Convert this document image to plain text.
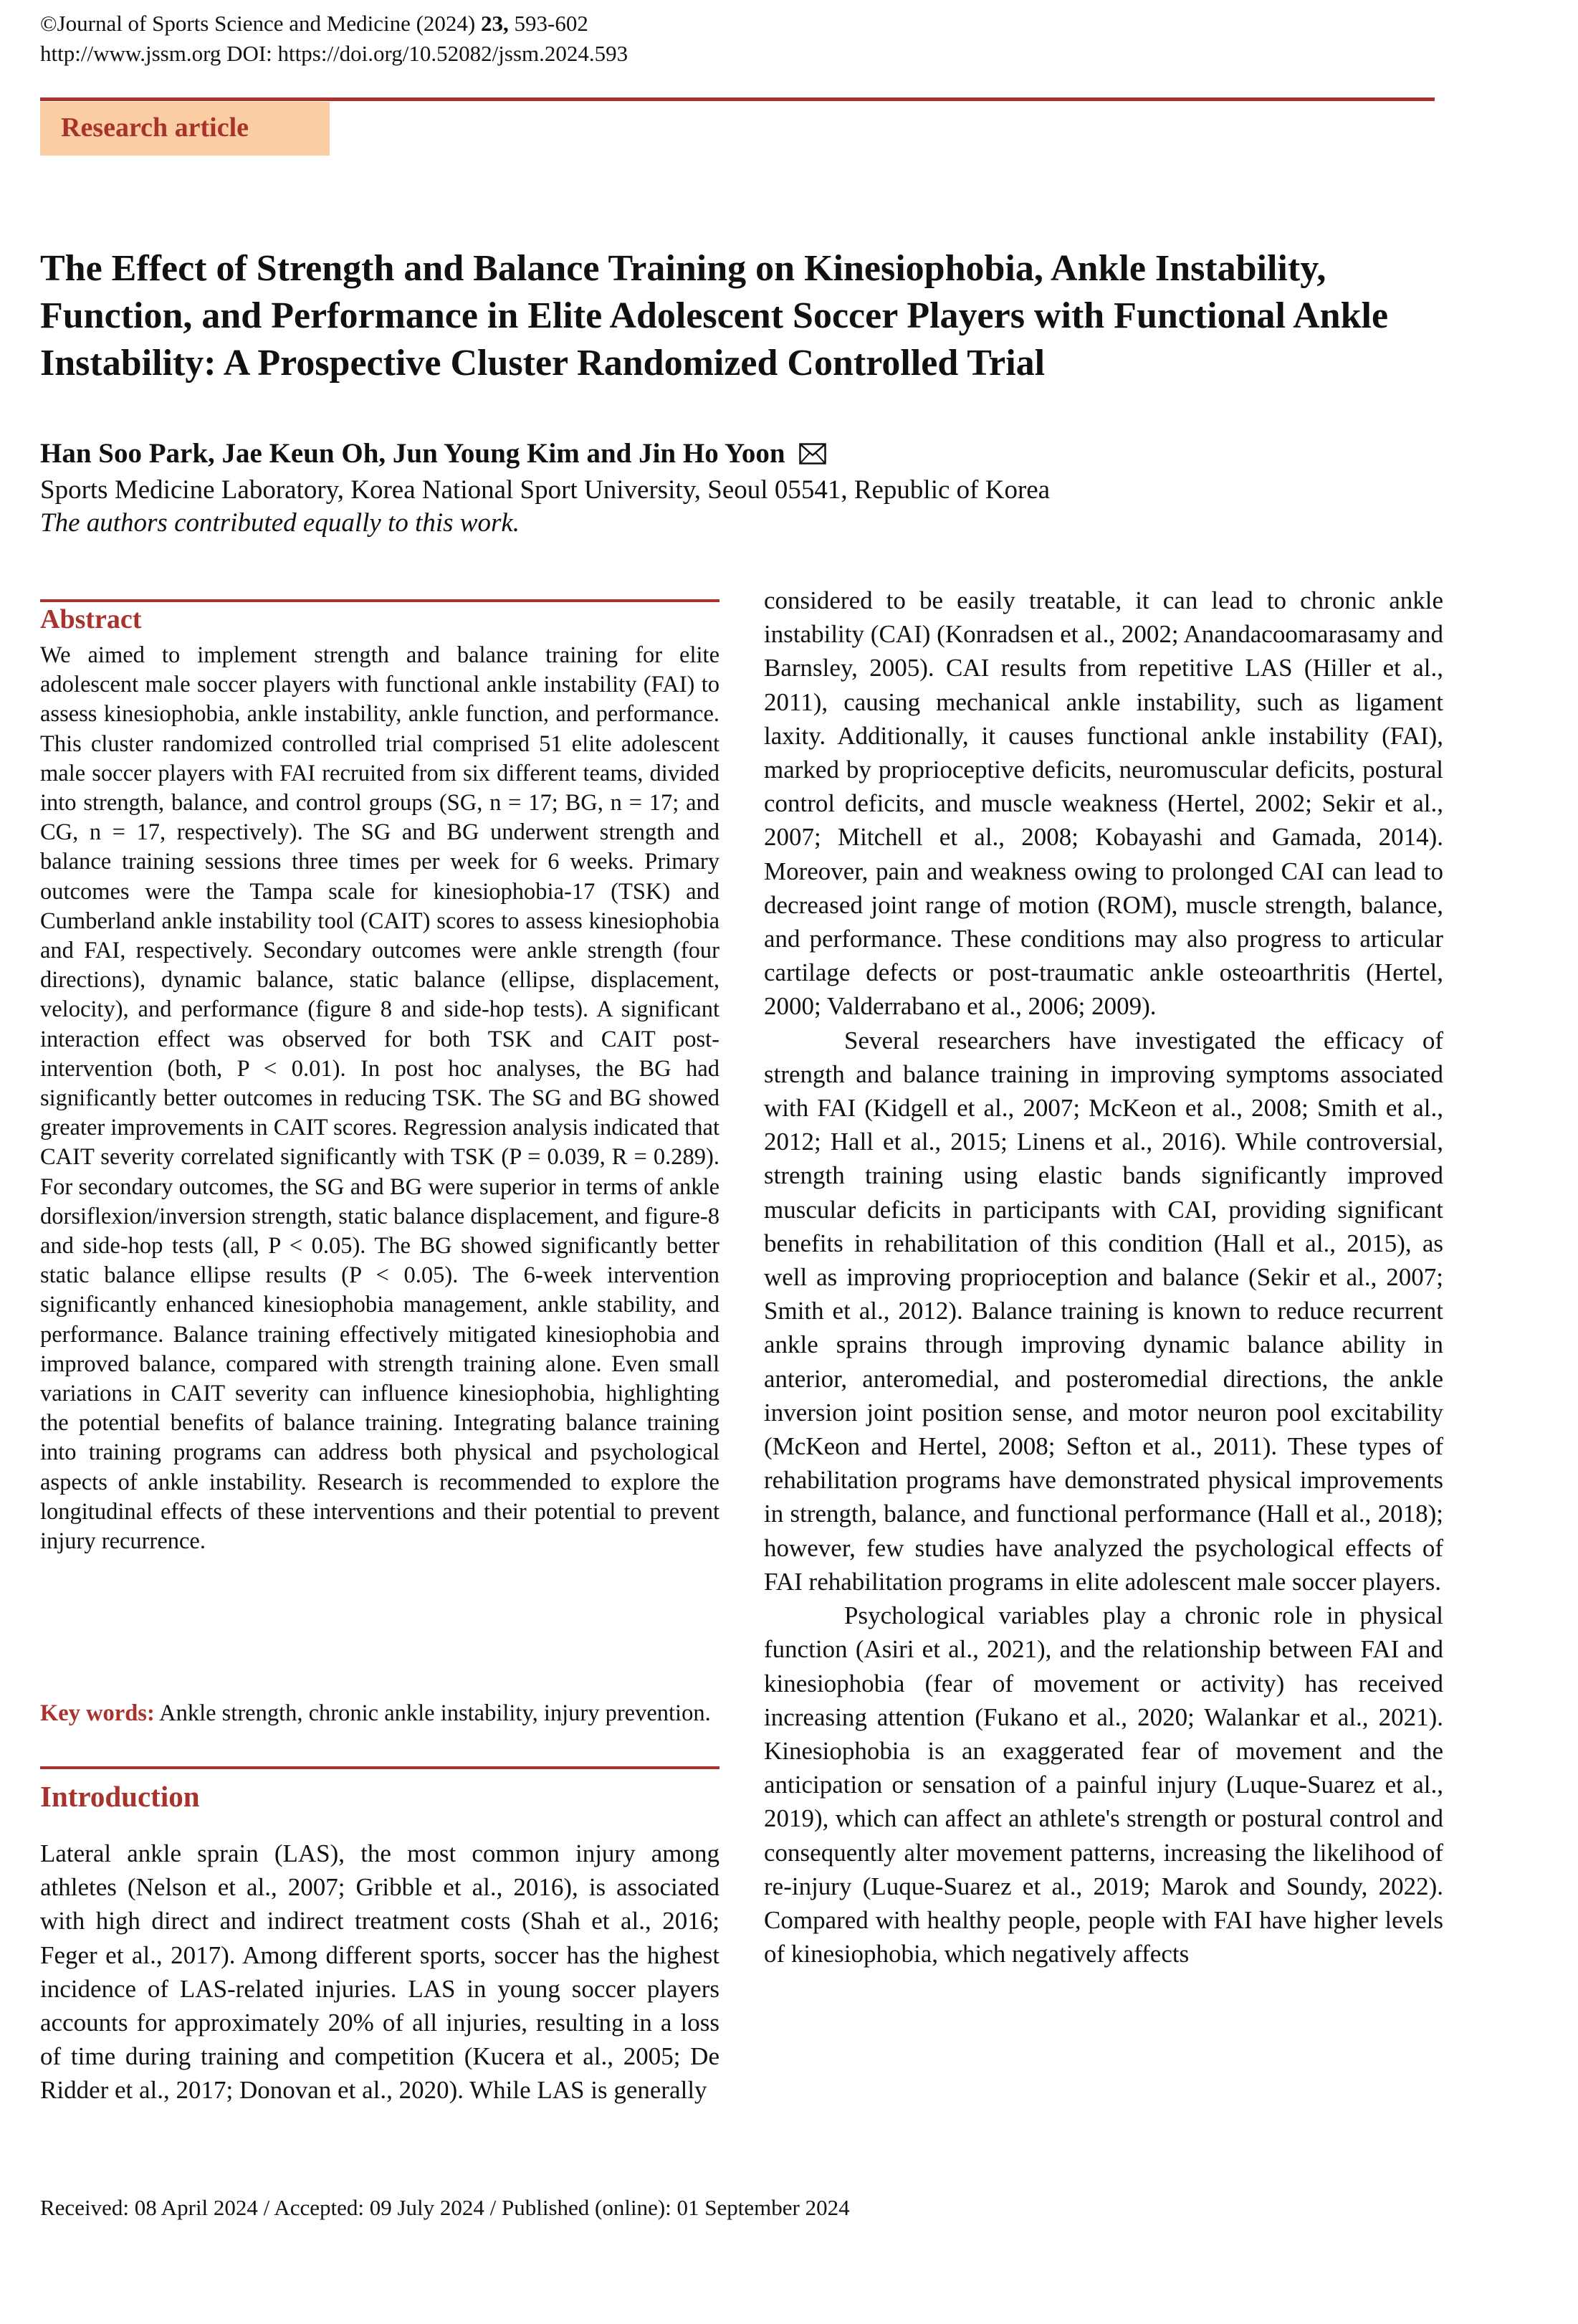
©Journal of Sports Science and Medicine (2024) 23, 593-602
http://www.jssm.org DOI: https://doi.org/10.52082/jssm.2024.593
Research article
The Effect of Strength and Balance Training on Kinesiophobia, Ankle Instability, Function, and Performance in Elite Adolescent Soccer Players with Functional Ankle Instability: A Prospective Cluster Randomized Controlled Trial
Han Soo Park, Jae Keun Oh, Jun Young Kim and Jin Ho Yoon
Sports Medicine Laboratory, Korea National Sport University, Seoul 05541, Republic of Korea
The authors contributed equally to this work.
Abstract

We aimed to implement strength and balance training for elite adolescent male soccer players with functional ankle instability (FAI) to assess kinesiophobia, ankle instability, ankle function, and performance. This cluster randomized controlled trial comprised 51 elite adolescent male soccer players with FAI recruited from six different teams, divided into strength, balance, and control groups (SG, n = 17; BG, n = 17; and CG, n = 17, respectively). The SG and BG underwent strength and balance training sessions three times per week for 6 weeks. Primary outcomes were the Tampa scale for kinesiophobia-17 (TSK) and Cumberland ankle instability tool (CAIT) scores to assess kinesiophobia and FAI, respectively. Secondary outcomes were ankle strength (four directions), dynamic balance, static balance (ellipse, displacement, velocity), and performance (figure 8 and side-hop tests). A significant interaction effect was observed for both TSK and CAIT post-intervention (both, P < 0.01). In post hoc analyses, the BG had significantly better outcomes in reducing TSK. The SG and BG showed greater improvements in CAIT scores. Regression analysis indicated that CAIT severity correlated significantly with TSK (P = 0.039, R = 0.289). For secondary outcomes, the SG and BG were superior in terms of ankle dorsiflexion/inversion strength, static balance displacement, and figure-8 and side-hop tests (all, P < 0.05). The BG showed significantly better static balance ellipse results (P < 0.05). The 6-week intervention significantly enhanced kinesiophobia management, ankle stability, and performance. Balance training effectively mitigated kinesiophobia and improved balance, compared with strength training alone. Even small variations in CAIT severity can influence kinesiophobia, highlighting the potential benefits of balance training. Integrating balance training into training programs can address both physical and psychological aspects of ankle instability. Research is recommended to explore the longitudinal effects of these interventions and their potential to prevent injury recurrence.

Key words: Ankle strength, chronic ankle instability, injury prevention.

Introduction

Lateral ankle sprain (LAS), the most common injury among athletes (Nelson et al., 2007; Gribble et al., 2016), is associated with high direct and indirect treatment costs (Shah et al., 2016; Feger et al., 2017). Among different sports, soccer has the highest incidence of LAS-related injuries. LAS in young soccer players accounts for approximately 20% of all injuries, resulting in a loss of time during training and competition (Kucera et al., 2005; De Ridder et al., 2017; Donovan et al., 2020). While LAS is generally

considered to be easily treatable, it can lead to chronic ankle instability (CAI) (Konradsen et al., 2002; Anandacoomarasamy and Barnsley, 2005). CAI results from repetitive LAS (Hiller et al., 2011), causing mechanical ankle instability, such as ligament laxity. Additionally, it causes functional ankle instability (FAI), marked by proprioceptive deficits, neuromuscular deficits, postural control deficits, and muscle weakness (Hertel, 2002; Sekir et al., 2007; Mitchell et al., 2008; Kobayashi and Gamada, 2014). Moreover, pain and weakness owing to prolonged CAI can lead to decreased joint range of motion (ROM), muscle strength, balance, and performance. These conditions may also progress to articular cartilage defects or post-traumatic ankle osteoarthritis (Hertel, 2000; Valderrabano et al., 2006; 2009).

Several researchers have investigated the efficacy of strength and balance training in improving symptoms associated with FAI (Kidgell et al., 2007; McKeon et al., 2008; Smith et al., 2012; Hall et al., 2015; Linens et al., 2016). While controversial, strength training using elastic bands significantly improved muscular deficits in participants with CAI, providing significant benefits in rehabilitation of this condition (Hall et al., 2015), as well as improving proprioception and balance (Sekir et al., 2007; Smith et al., 2012). Balance training is known to reduce recurrent ankle sprains through improving dynamic balance ability in anterior, anteromedial, and posteromedial directions, the ankle inversion joint position sense, and motor neuron pool excitability (McKeon and Hertel, 2008; Sefton et al., 2011). These types of rehabilitation programs have demonstrated physical improvements in strength, balance, and functional performance (Hall et al., 2018); however, few studies have analyzed the psychological effects of FAI rehabilitation programs in elite adolescent male soccer players.

Psychological variables play a chronic role in physical function (Asiri et al., 2021), and the relationship between FAI and kinesiophobia (fear of movement or activity) has received increasing attention (Fukano et al., 2020; Walankar et al., 2021). Kinesiophobia is an exaggerated fear of movement and the anticipation or sensation of a painful injury (Luque-Suarez et al., 2019), which can affect an athlete's strength or postural control and consequently alter movement patterns, increasing the likelihood of re-injury (Luque-Suarez et al., 2019; Marok and Soundy, 2022). Compared with healthy people, people with FAI have higher levels of kinesiophobia, which negatively affects

Received: 08 April 2024 / Accepted: 09 July 2024 / Published (online): 01 September 2024
